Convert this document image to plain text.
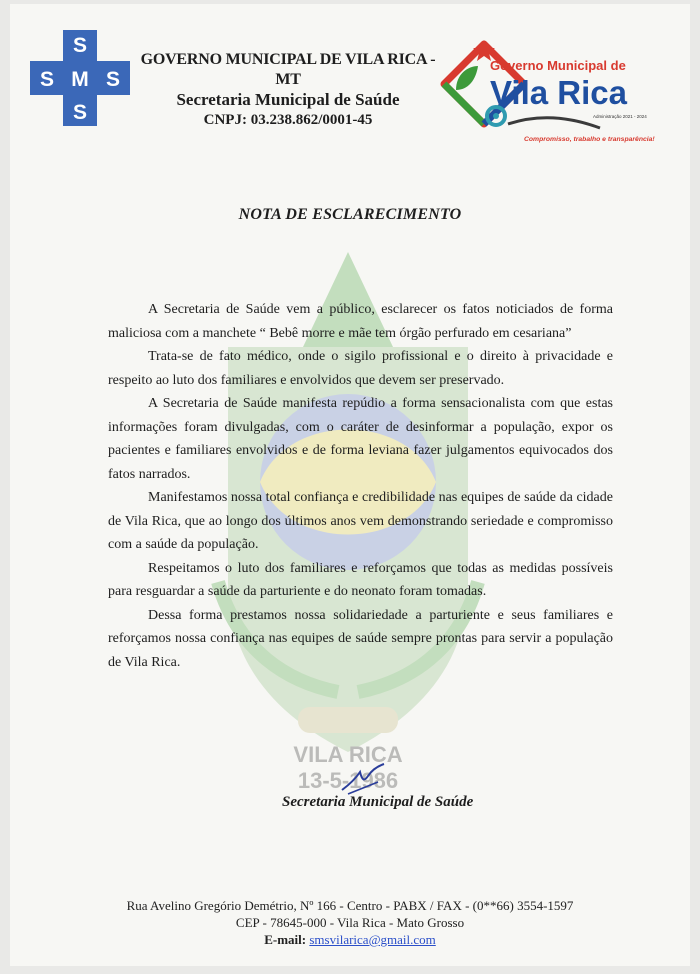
S
S M S
S
GOVERNO MUNICIPAL DE VILA RICA - MT
Secretaria Municipal de Saúde
CNPJ: 03.238.862/0001-45
Governo Municipal de
Vila Rica
Administração 2021 - 2024
Compromisso, trabalho e transparência!
VILA RICA
13-5-1986
NOTA DE ESCLARECIMENTO

A Secretaria de Saúde vem a público, esclarecer os fatos noticiados de forma maliciosa com a manchete “ Bebê morre e mãe tem órgão perfurado em cesariana”

Trata-se de fato médico, onde o sigilo profissional e o direito à privacidade e respeito ao luto dos familiares e envolvidos que devem ser preservado.

A Secretaria de Saúde manifesta repúdio a forma sensacionalista com que estas informações foram divulgadas, com o caráter de desinformar a população, expor os pacientes e familiares envolvidos e de forma leviana fazer julgamentos equivocados dos fatos narrados.

Manifestamos nossa total confiança e credibilidade nas equipes de saúde da cidade de Vila Rica, que ao longo dos últimos anos vem demonstrando seriedade e compromisso com a saúde da população.

Respeitamos o luto dos familiares e reforçamos que todas as medidas possíveis para resguardar a saúde da parturiente e do neonato foram tomadas.

Dessa forma prestamos nossa solidariedade a parturiente e seus familiares e reforçamos nossa confiança nas equipes de saúde sempre prontas para servir a população de Vila Rica.

Secretaria Municipal de Saúde
Rua Avelino Gregório Demétrio, Nº 166 - Centro - PABX / FAX - (0**66) 3554-1597
CEP - 78645-000 - Vila Rica - Mato Grosso
E-mail: smsvilarica@gmail.com
